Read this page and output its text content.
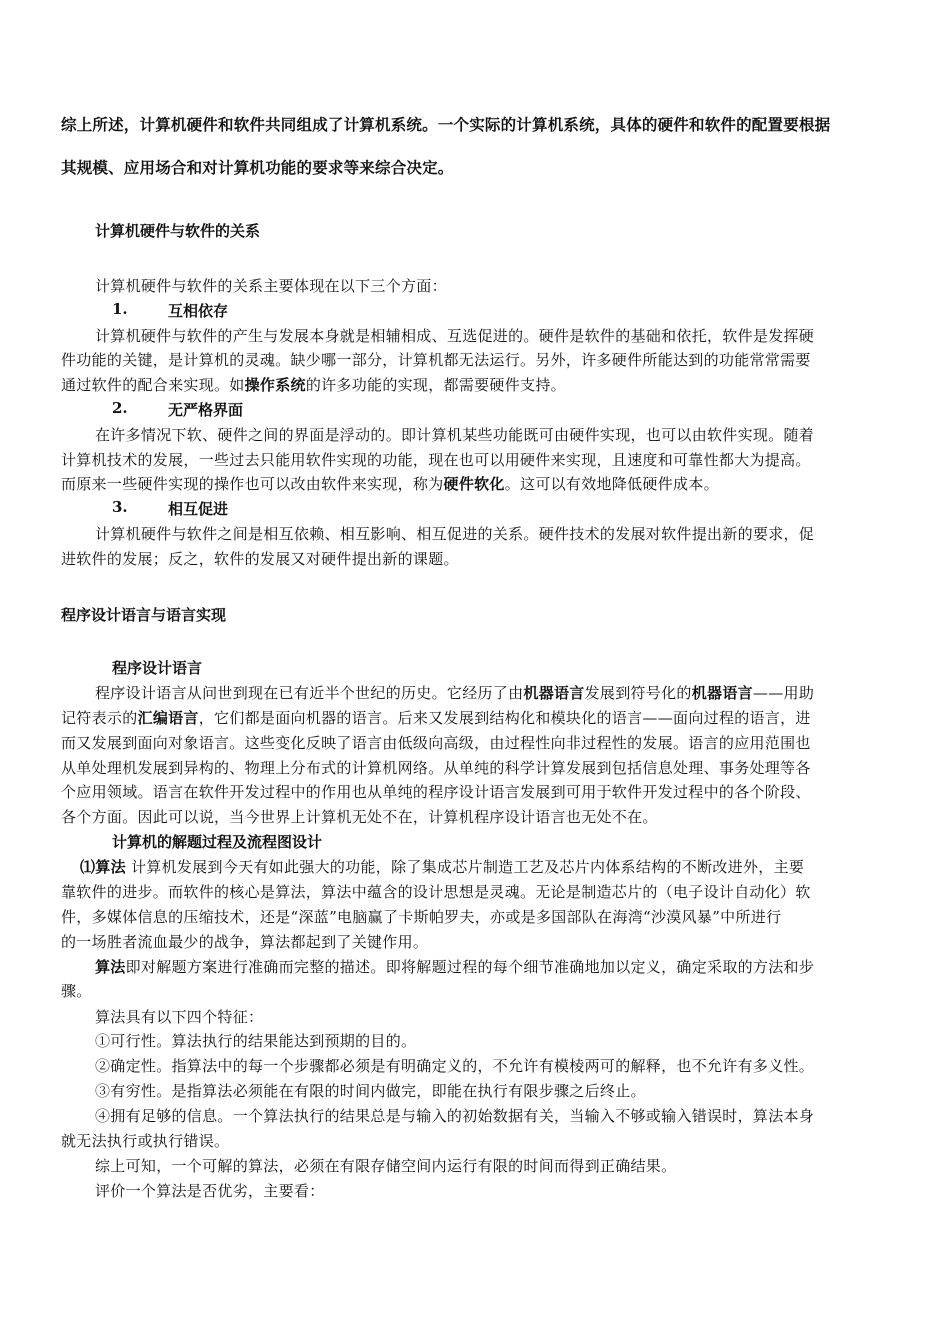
综上所述，计算机硬件和软件共同组成了计算机系统。一个实际的计算机系统，具体的硬件和软件的配置要根据
其规模、应用场合和对计算机功能的要求等来综合决定。
计算机硬件与软件的关系
计算机硬件与软件的关系主要体现在以下三个方面：
1.	互相依存
计算机硬件与软件的产生与发展本身就是相辅相成、互选促进的。硬件是软件的基础和依托，软件是发挥硬
件功能的关键，是计算机的灵魂。缺少哪一部分，计算机都无法运行。另外，许多硬件所能达到的功能常常需要
通过软件的配合来实现。如操作系统的许多功能的实现，都需要硬件支持。
2.	无严格界面
在许多情况下软、硬件之间的界面是浮动的。即计算机某些功能既可由硬件实现，也可以由软件实现。随着
计算机技术的发展，一些过去只能用软件实现的功能，现在也可以用硬件来实现，且速度和可靠性都大为提高。
而原来一些硬件实现的操作也可以改由软件来实现，称为硬件软化。这可以有效地降低硬件成本。
3.	相互促进
计算机硬件与软件之间是相互依赖、相互影响、相互促进的关系。硬件技术的发展对软件提出新的要求，促
进软件的发展；反之，软件的发展又对硬件提出新的课题。
程序设计语言与语言实现
程序设计语言
程序设计语言从问世到现在已有近半个世纪的历史。它经历了由机器语言发展到符号化的机器语言——用助
记符表示的汇编语言，它们都是面向机器的语言。后来又发展到结构化和模块化的语言——面向过程的语言，进
而又发展到面向对象语言。这些变化反映了语言由低级向高级，由过程性向非过程性的发展。语言的应用范围也
从单处理机发展到异构的、物理上分布式的计算机网络。从单纯的科学计算发展到包括信息处理、事务处理等各
个应用领域。语言在软件开发过程中的作用也从单纯的程序设计语言发展到可用于软件开发过程中的各个阶段、
各个方面。因此可以说，当今世界上计算机无处不在，计算机程序设计语言也无处不在。
计算机的解题过程及流程图设计
⑴算法 计算机发展到今天有如此强大的功能，除了集成芯片制造工艺及芯片内体系结构的不断改进外，主要
靠软件的进步。而软件的核心是算法，算法中蕴含的设计思想是灵魂。无论是制造芯片的（电子设计自动化）软
件，多媒体信息的压缩技术，还是“深蓝”电脑赢了卡斯帕罗夫，亦或是多国部队在海湾“沙漠风暴”中所进行
的一场胜者流血最少的战争，算法都起到了关键作用。
算法即对解题方案进行准确而完整的描述。即将解题过程的每个细节准确地加以定义，确定采取的方法和步
骤。
算法具有以下四个特征：
①可行性。算法执行的结果能达到预期的目的。
②确定性。指算法中的每一个步骤都必须是有明确定义的，不允许有模棱两可的解释，也不允许有多义性。
③有穷性。是指算法必须能在有限的时间内做完，即能在执行有限步骤之后终止。
④拥有足够的信息。一个算法执行的结果总是与输入的初始数据有关，当输入不够或输入错误时，算法本身
就无法执行或执行错误。
综上可知，一个可解的算法，必须在有限存储空间内运行有限的时间而得到正确结果。
评价一个算法是否优劣，主要看：
